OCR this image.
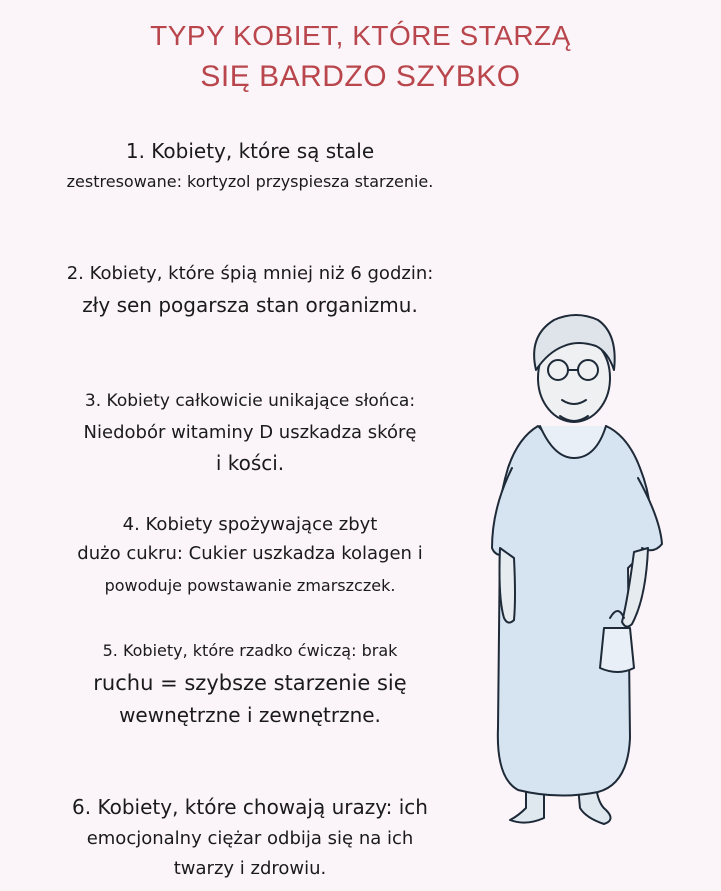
TYPY KOBIET, KTÓRE STARZĄ
SIĘ BARDZO SZYBKO

1. Kobiety, które są stale

zestresowane: kortyzol przyspiesza starzenie.

2. Kobiety, które śpią mniej niż 6 godzin:

zły sen pogarsza stan organizmu.

3. Kobiety całkowicie unikające słońca:

Niedobór witaminy D uszkadza skórę

i kości.

4. Kobiety spożywające zbyt

dużo cukru: Cukier uszkadza kolagen i

powoduje powstawanie zmarszczek.

5. Kobiety, które rzadko ćwiczą: brak

ruchu = szybsze starzenie się

wewnętrzne i zewnętrzne.

6. Kobiety, które chowają urazy: ich

emocjonalny ciężar odbija się na ich

twarzy i zdrowiu.
